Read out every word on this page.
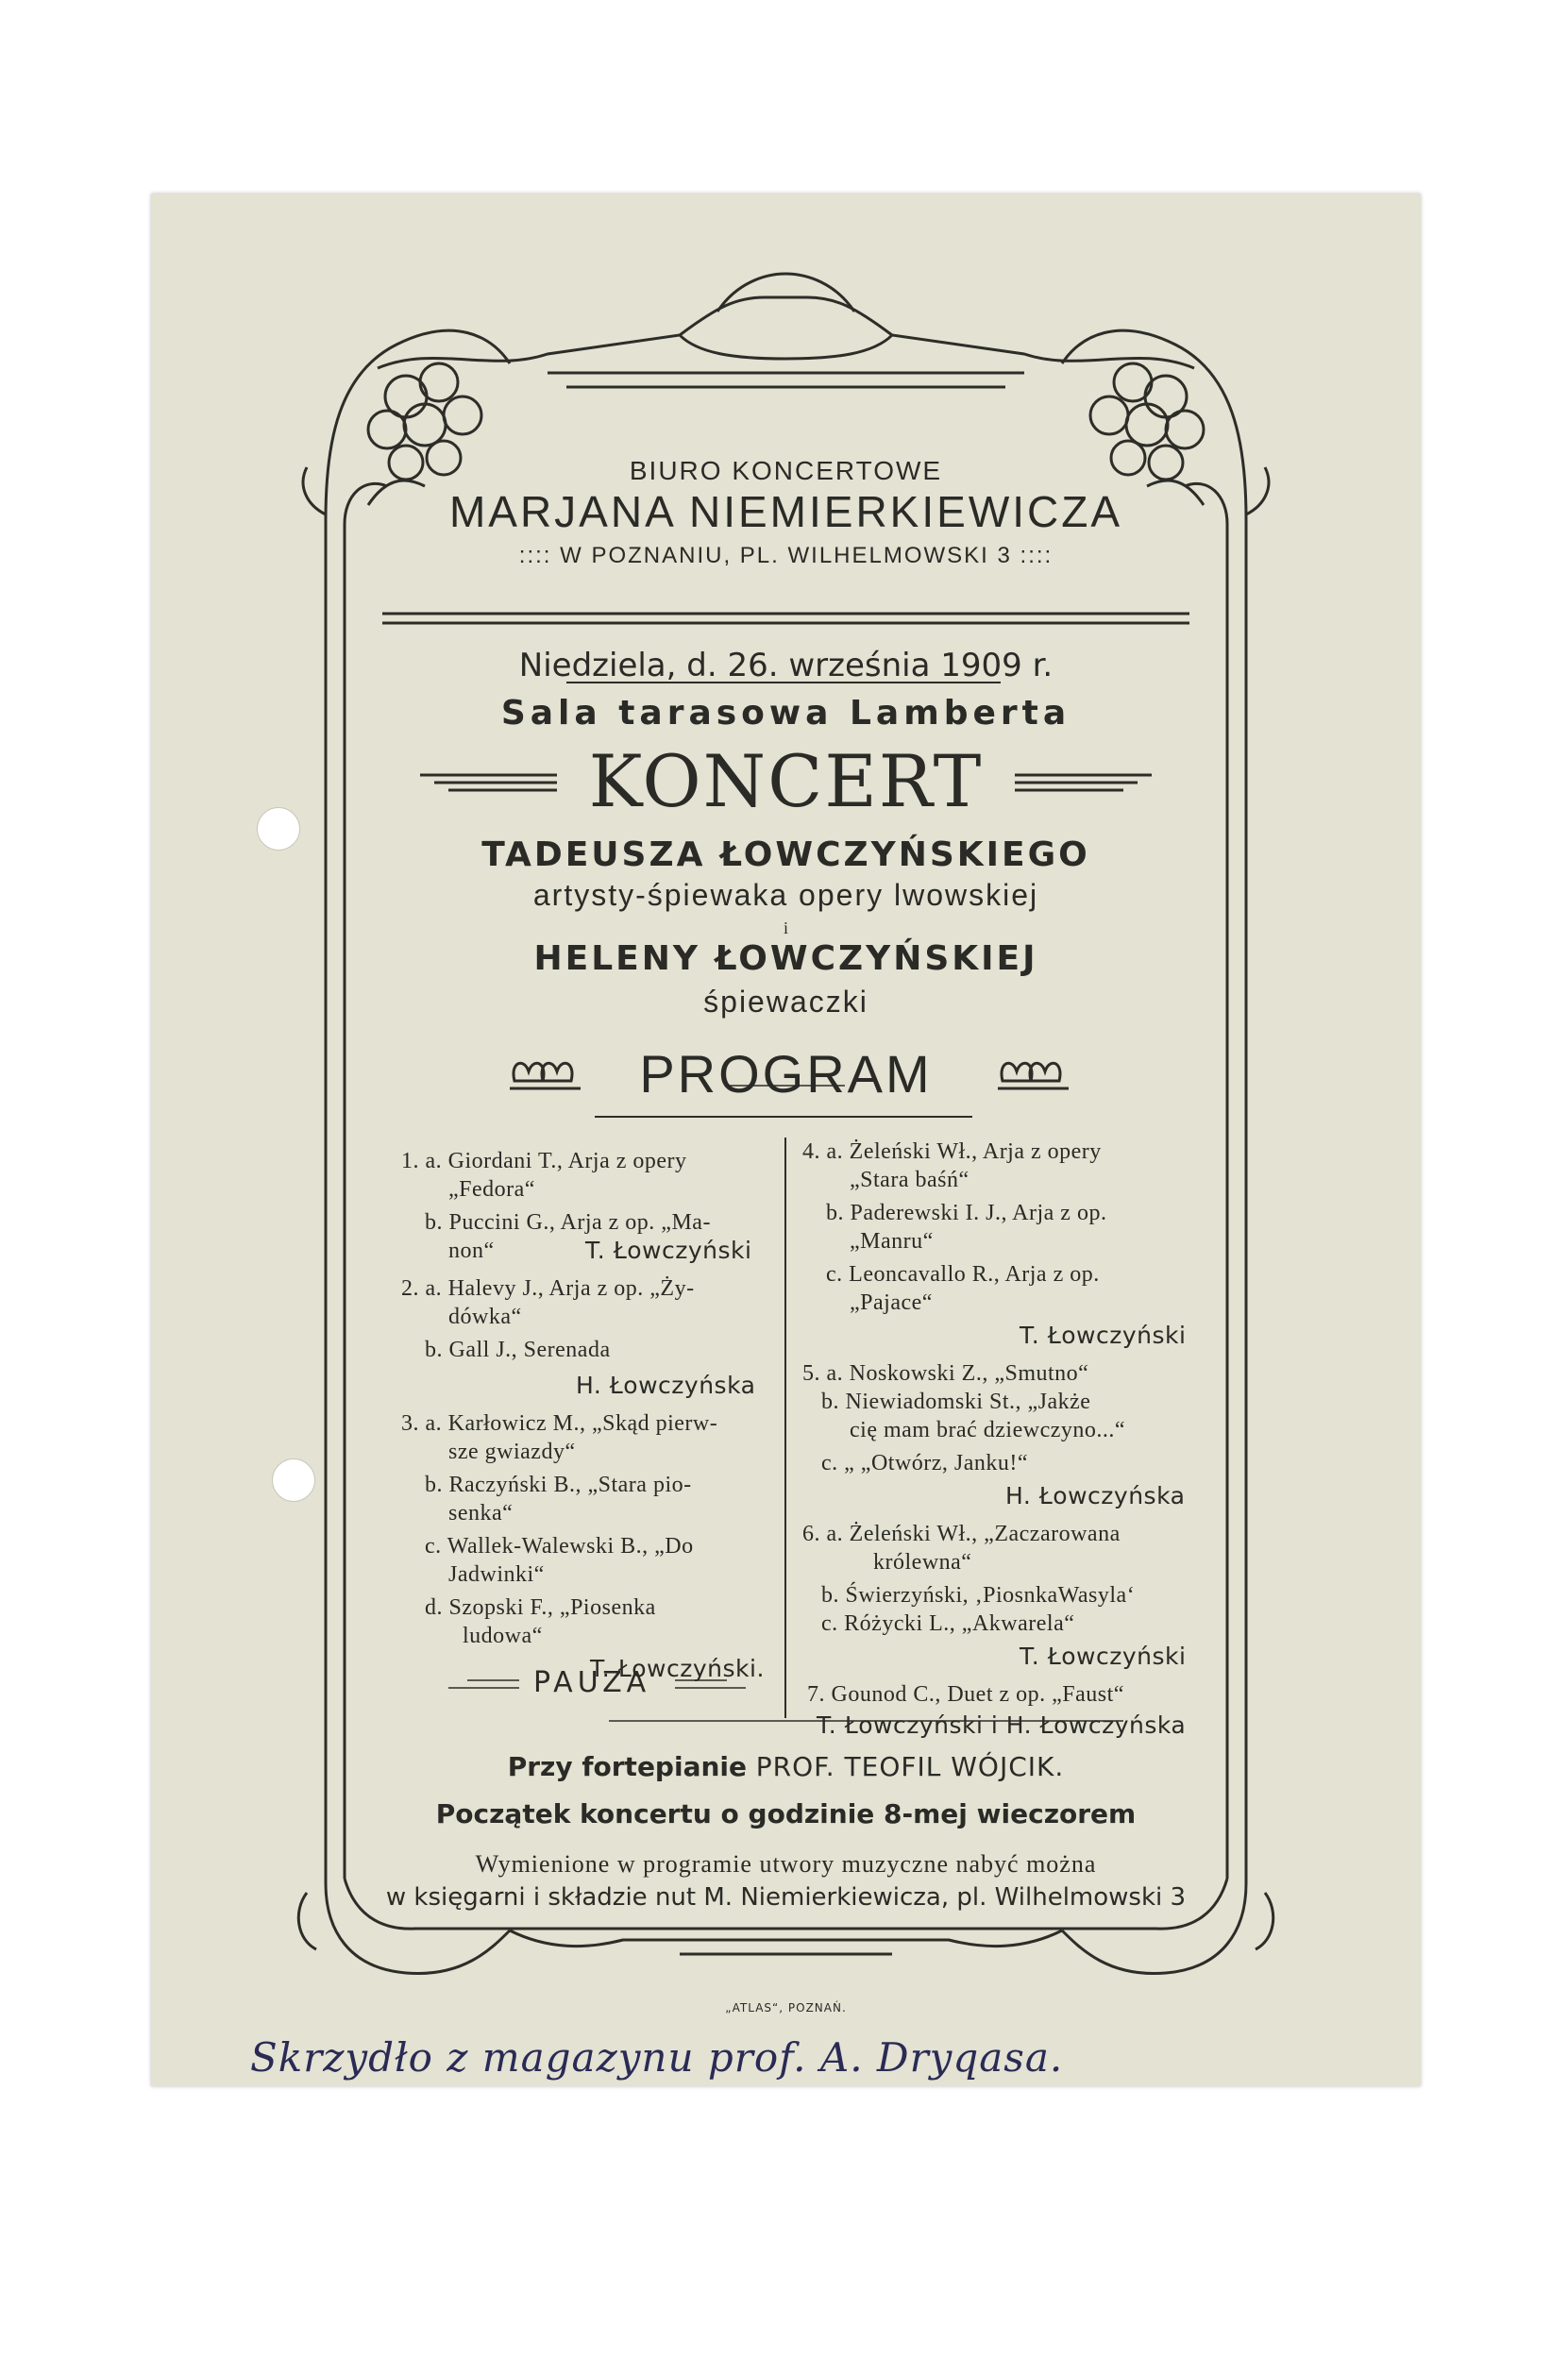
BIURO KONCERTOWE
MARJANA NIEMIERKIEWICZA
:::: W POZNANIU, PL. WILHELMOWSKI 3 ::::
Niedziela, d. 26. września 1909 r.
Sala tarasowa Lamberta
KONCERT
TADEUSZA ŁOWCZYŃSKIEGO
artysty-śpiewaka opery lwowskiej
i
HELENY ŁOWCZYŃSKIEJ
śpiewaczki
PROGRAM
1. a. Giordani T., Arja z opery
„Fedora“
b. Puccini G., Arja z op. „Ma-
non“	T. Łowczyński
2. a. Halevy J., Arja z op. „Ży-
dówka“
b. Gall J., Serenada
H. Łowczyńska
3. a. Karłowicz M., „Skąd pierw-
sze gwiazdy“
b. Raczyński B., „Stara pio-
senka“
c. Wallek-Walewski B., „Do
Jadwinki“
d. Szopski F., „Piosenka
ludowa“
T. Łowczyński.
PAUZA
4. a. Żeleński Wł., Arja z opery
„Stara baśń“
b. Paderewski I. J., Arja z op.
„Manru“
c. Leoncavallo R., Arja z op.
„Pajace“
T. Łowczyński
5. a. Noskowski Z., „Smutno“
b. Niewiadomski St., „Jakże
cię mam brać dziewczyno...“
c. „ „Otwórz, Janku!“
H. Łowczyńska
6. a. Żeleński Wł., „Zaczarowana
królewna“
b. Świerzyński, ‚PiosnkaWasyla‘
c. Różycki L., „Akwarela“
T. Łowczyński
7. Gounod C., Duet z op. „Faust“
T. Łowczyński i H. Łowczyńska
Przy fortepianie PROF. TEOFIL WÓJCIK.
Początek koncertu o godzinie 8-mej wieczorem
Wymienione w programie utwory muzyczne nabyć można
w księgarni i składzie nut M. Niemierkiewicza, pl. Wilhelmowski 3
„ATLAS“, POZNAŃ.
Skrzydło z magazynu prof. A. Dryqasa.
